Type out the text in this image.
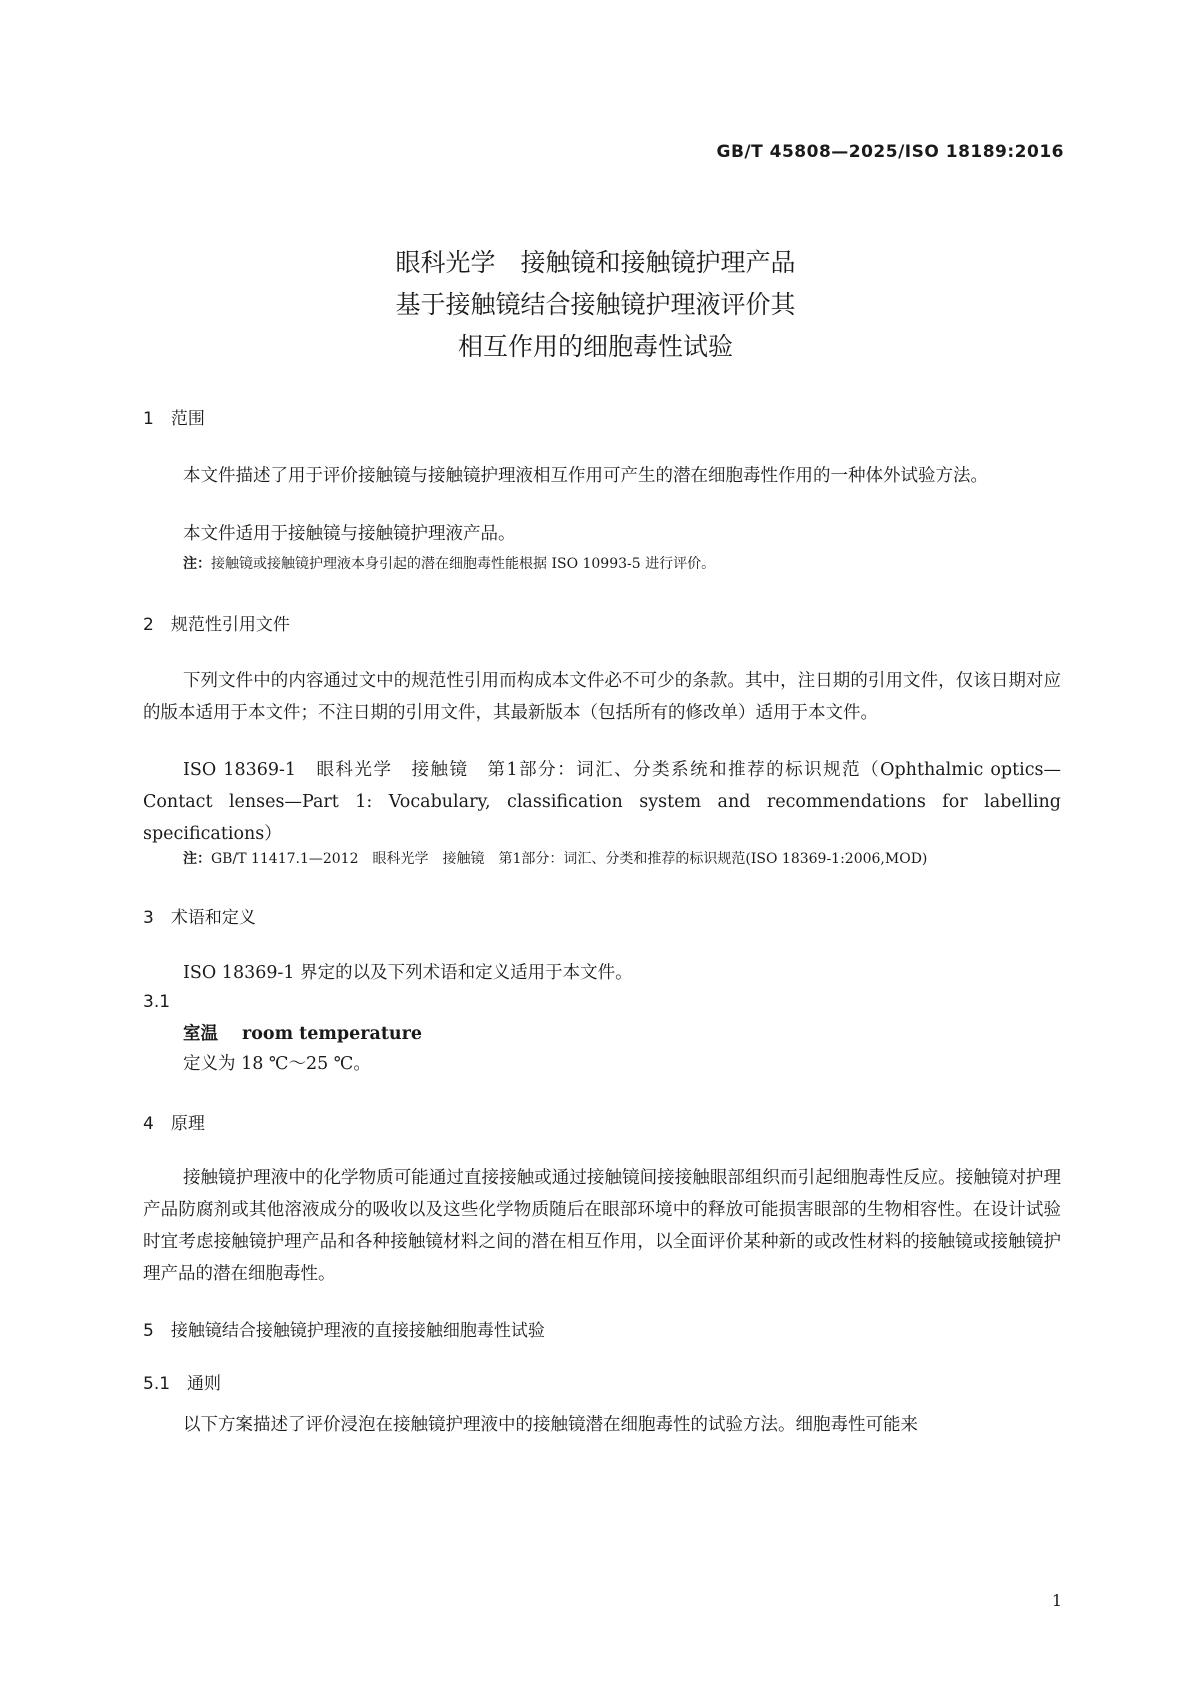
GB/T 45808—2025/ISO 18189:2016
眼科光学　接触镜和接触镜护理产品
基于接触镜结合接触镜护理液评价其
相互作用的细胞毒性试验
1　范围

本文件描述了用于评价接触镜与接触镜护理液相互作用可产生的潜在细胞毒性作用的一种体外试验方法。

本文件适用于接触镜与接触镜护理液产品。

注：接触镜或接触镜护理液本身引起的潜在细胞毒性能根据 ISO 10993-5 进行评价。
2　规范性引用文件

下列文件中的内容通过文中的规范性引用而构成本文件必不可少的条款。其中，注日期的引用文件，仅该日期对应的版本适用于本文件；不注日期的引用文件，其最新版本（包括所有的修改单）适用于本文件。

ISO 18369-1　眼科光学　接触镜　第1部分：词汇、分类系统和推荐的标识规范（Ophthalmic optics—Contact lenses—Part 1: Vocabulary, classification system and recommendations for labelling specifications）

注：GB/T 11417.1—2012　眼科光学　接触镜　第1部分：词汇、分类和推荐的标识规范(ISO 18369-1:2006,MOD)
3　术语和定义

ISO 18369-1 界定的以及下列术语和定义适用于本文件。

3.1
室温 room temperature
定义为 18 ℃～25 ℃。
4　原理

接触镜护理液中的化学物质可能通过直接接触或通过接触镜间接接触眼部组织而引起细胞毒性反应。接触镜对护理产品防腐剂或其他溶液成分的吸收以及这些化学物质随后在眼部环境中的释放可能损害眼部的生物相容性。在设计试验时宜考虑接触镜护理产品和各种接触镜材料之间的潜在相互作用，以全面评价某种新的或改性材料的接触镜或接触镜护理产品的潜在细胞毒性。

5　接触镜结合接触镜护理液的直接接触细胞毒性试验
5.1　通则

以下方案描述了评价浸泡在接触镜护理液中的接触镜潜在细胞毒性的试验方法。细胞毒性可能来

1
